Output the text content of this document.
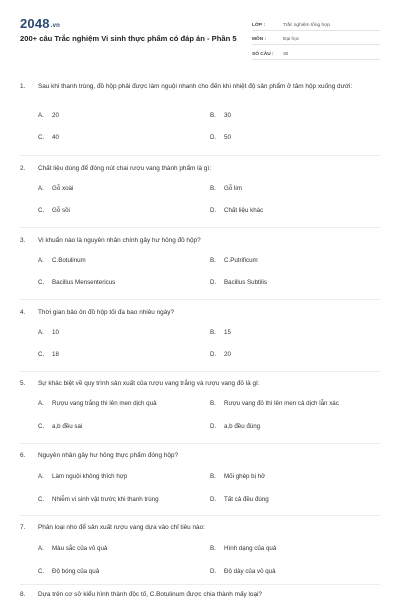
2048.vn
200+ câu Trắc nghiệm Vi sinh thực phẩm có đáp án - Phần 5
LỚP :	Trắc nghiệm tổng hợp
MÔN :	Đại học
SỐ CÂU :	30
1.	Sau khi thanh trùng, đồ hộp phải được làm nguội nhanh cho đến khi nhiệt độ sản phẩm ở tâm hộp xuống dưới:
A.	20	B.	30
C.	40	D.	50
2.	Chất liệu dùng để đóng nút chai rượu vang thành phẩm là gì:
A.	Gỗ xoài	B.	Gỗ lim
C.	Gỗ sồi	D.	Chất liệu khác
3.	Vi khuẩn nào là nguyên nhân chính gây hư hỏng đồ hộp?
A.	C.Botulinum	B.	C.Putrificum
C.	Bacillus Mensentericus	D.	Bacillus Subtilis
4.	Thời gian bảo ôn đồ hộp tối đa bao nhiêu ngày?
A.	10	B.	15
C.	18	D.	20
5.	Sự khác biệt về quy trình sản xuất của rượu vang trắng và rượu vang đỏ là gì:
A.	Rượu vang trắng thì lên men dịch quả	B.	Rượu vang đỏ thì lên men cả dịch lẫn xác
C.	a,b đều sai	D.	a,b đều đúng
6.	Nguyên nhân gây hư hỏng thực phẩm đóng hộp?
A.	Làm nguội không thích hợp	B.	Mối ghép bị hở
C.	Nhiễm vi sinh vật trước khi thanh trùng	D.	Tất cả đều đúng
7.	Phân loại nho để sản xuất rượu vang dựa vào chỉ tiêu nào:
A.	Màu sắc của vỏ quả	B.	Hình dạng của quả
C.	Độ bóng của quả	D.	Độ dày của vỏ quả
8.	Dựa trên cơ sở kiểu hình thành độc tố, C.Botulinum được chia thành mấy loại?
